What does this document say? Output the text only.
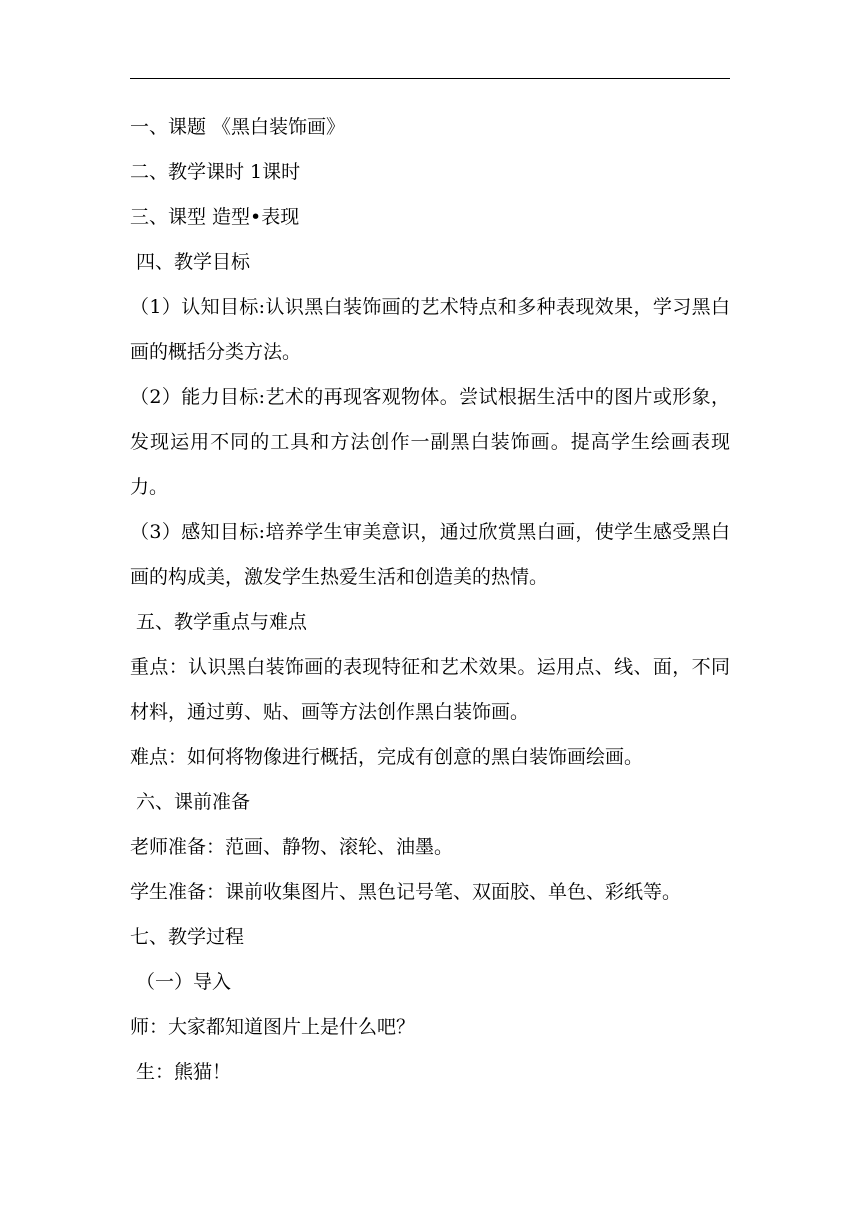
一、课题 《黑白装饰画》

二、教学课时 1课时

三、课型 造型•表现

四、教学目标

（1）认知目标:认识黑白装饰画的艺术特点和多种表现效果，学习黑白画的概括分类方法。

（2）能力目标:艺术的再现客观物体。尝试根据生活中的图片或形象，发现运用不同的工具和方法创作一副黑白装饰画。提高学生绘画表现力。

（3）感知目标:培养学生审美意识，通过欣赏黑白画，使学生感受黑白画的构成美，激发学生热爱生活和创造美的热情。

五、教学重点与难点

重点：认识黑白装饰画的表现特征和艺术效果。运用点、线、面，不同材料，通过剪、贴、画等方法创作黑白装饰画。

难点：如何将物像进行概括，完成有创意的黑白装饰画绘画。

六、课前准备

老师准备：范画、静物、滚轮、油墨。

学生准备：课前收集图片、黑色记号笔、双面胶、单色、彩纸等。

七、教学过程

（一）导入

师：大家都知道图片上是什么吧？

生：熊猫！
